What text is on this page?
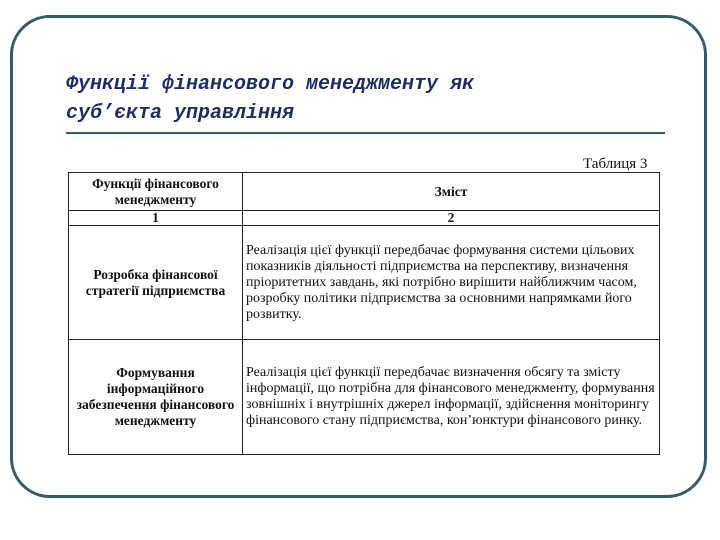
Функції фінансового менеджменту як
суб’єкта управління
Таблиця 3
Функції фінансового менеджменту	Зміст
1	2
Розробка фінансової стратегії підприємства	Реалізація цієї функції передбачає формування системи цільових показників діяльності підприємства на перспективу, визначення пріоритетних завдань, які потрібно вирішити найближчим часом, розробку політики підприємства за основними напрямками його розвитку.
Формування інформаційного забезпечення фінансового менеджменту	Реалізація цієї функції передбачає визначення обсягу та змісту інформації, що потрібна для фінансового менеджменту, формування зовнішніх і внутрішніх джерел інформації, здійснення моніторингу фінансового стану підприємства, кон’юнктури фінансового ринку.
